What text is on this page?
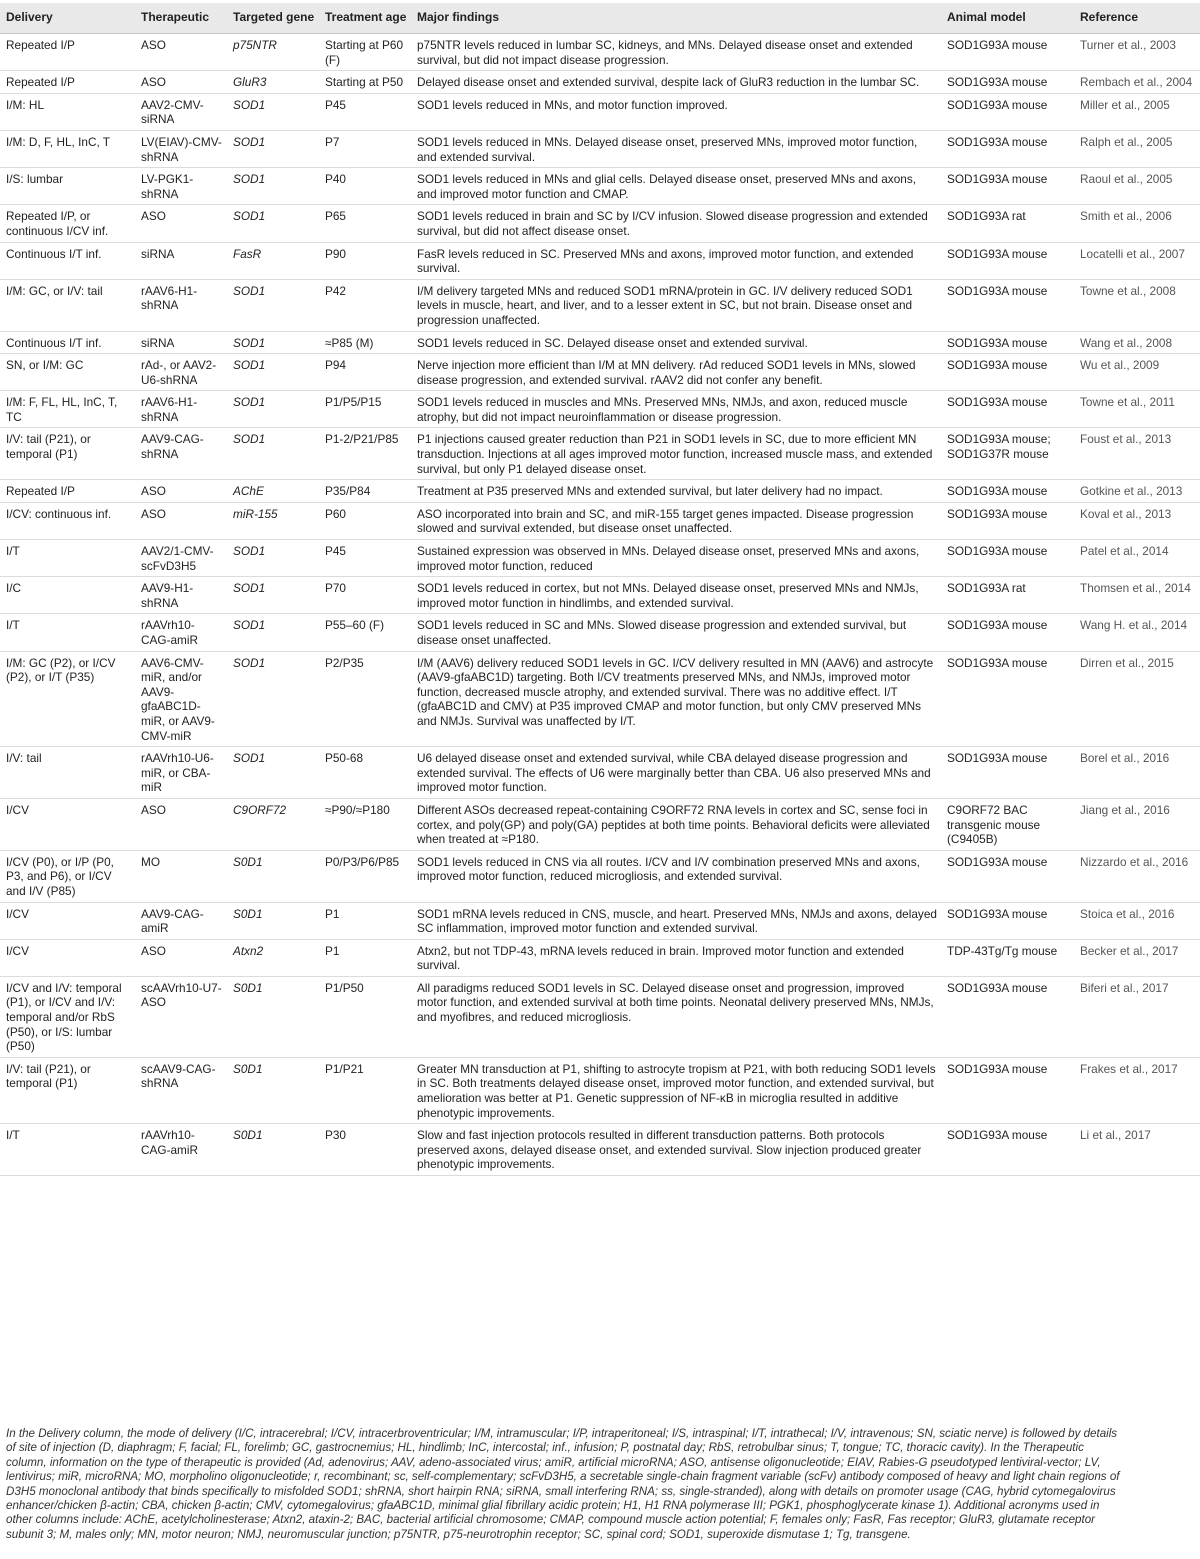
Delivery	Therapeutic	Targeted gene	Treatment age	Major findings	Animal model	Reference
Repeated I/P	ASO	p75NTR	Starting at P60 (F)	p75NTR levels reduced in lumbar SC, kidneys, and MNs. Delayed disease onset and extended survival, but did not impact disease progression.	SOD1G93A mouse	Turner et al., 2003
Repeated I/P	ASO	GluR3	Starting at P50	Delayed disease onset and extended survival, despite lack of GluR3 reduction in the lumbar SC.	SOD1G93A mouse	Rembach et al., 2004
I/M: HL	AAV2-CMV-siRNA	SOD1	P45	SOD1 levels reduced in MNs, and motor function improved.	SOD1G93A mouse	Miller et al., 2005
I/M: D, F, HL, InC, T	LV(EIAV)-CMV-shRNA	SOD1	P7	SOD1 levels reduced in MNs. Delayed disease onset, preserved MNs, improved motor function, and extended survival.	SOD1G93A mouse	Ralph et al., 2005
I/S: lumbar	LV-PGK1-shRNA	SOD1	P40	SOD1 levels reduced in MNs and glial cells. Delayed disease onset, preserved MNs and axons, and improved motor function and CMAP.	SOD1G93A mouse	Raoul et al., 2005
Repeated I/P, or continuous I/CV inf.	ASO	SOD1	P65	SOD1 levels reduced in brain and SC by I/CV infusion. Slowed disease progression and extended survival, but did not affect disease onset.	SOD1G93A rat	Smith et al., 2006
Continuous I/T inf.	siRNA	FasR	P90	FasR levels reduced in SC. Preserved MNs and axons, improved motor function, and extended survival.	SOD1G93A mouse	Locatelli et al., 2007
I/M: GC, or I/V: tail	rAAV6-H1-shRNA	SOD1	P42	I/M delivery targeted MNs and reduced SOD1 mRNA/protein in GC. I/V delivery reduced SOD1 levels in muscle, heart, and liver, and to a lesser extent in SC, but not brain. Disease onset and progression unaffected.	SOD1G93A mouse	Towne et al., 2008
Continuous I/T inf.	siRNA	SOD1	≈P85 (M)	SOD1 levels reduced in SC. Delayed disease onset and extended survival.	SOD1G93A mouse	Wang et al., 2008
SN, or I/M: GC	rAd-, or AAV2-U6-shRNA	SOD1	P94	Nerve injection more efficient than I/M at MN delivery. rAd reduced SOD1 levels in MNs, slowed disease progression, and extended survival. rAAV2 did not confer any benefit.	SOD1G93A mouse	Wu et al., 2009
I/M: F, FL, HL, InC, T, TC	rAAV6-H1-shRNA	SOD1	P1/P5/P15	SOD1 levels reduced in muscles and MNs. Preserved MNs, NMJs, and axon, reduced muscle atrophy, but did not impact neuroinflammation or disease progression.	SOD1G93A mouse	Towne et al., 2011
I/V: tail (P21), or temporal (P1)	AAV9-CAG-shRNA	SOD1	P1-2/P21/P85	P1 injections caused greater reduction than P21 in SOD1 levels in SC, due to more efficient MN transduction. Injections at all ages improved motor function, increased muscle mass, and extended survival, but only P1 delayed disease onset.	SOD1G93A mouse; SOD1G37R mouse	Foust et al., 2013
Repeated I/P	ASO	AChE	P35/P84	Treatment at P35 preserved MNs and extended survival, but later delivery had no impact.	SOD1G93A mouse	Gotkine et al., 2013
I/CV: continuous inf.	ASO	miR-155	P60	ASO incorporated into brain and SC, and miR-155 target genes impacted. Disease progression slowed and survival extended, but disease onset unaffected.	SOD1G93A mouse	Koval et al., 2013
I/T	AAV2/1-CMV-scFvD3H5	SOD1	P45	Sustained expression was observed in MNs. Delayed disease onset, preserved MNs and axons, improved motor function, reduced	SOD1G93A mouse	Patel et al., 2014
I/C	AAV9-H1-shRNA	SOD1	P70	SOD1 levels reduced in cortex, but not MNs. Delayed disease onset, preserved MNs and NMJs, improved motor function in hindlimbs, and extended survival.	SOD1G93A rat	Thomsen et al., 2014
I/T	rAAVrh10-CAG-amiR	SOD1	P55–60 (F)	SOD1 levels reduced in SC and MNs. Slowed disease progression and extended survival, but disease onset unaffected.	SOD1G93A mouse	Wang H. et al., 2014
I/M: GC (P2), or I/CV (P2), or I/T (P35)	AAV6-CMV-miR, and/or AAV9-gfaABC1D-miR, or AAV9-CMV-miR	SOD1	P2/P35	I/M (AAV6) delivery reduced SOD1 levels in GC. I/CV delivery resulted in MN (AAV6) and astrocyte (AAV9-gfaABC1D) targeting. Both I/CV treatments preserved MNs, and NMJs, improved motor function, decreased muscle atrophy, and extended survival. There was no additive effect. I/T (gfaABC1D and CMV) at P35 improved CMAP and motor function, but only CMV preserved MNs and NMJs. Survival was unaffected by I/T.	SOD1G93A mouse	Dirren et al., 2015
I/V: tail	rAAVrh10-U6-miR, or CBA-miR	SOD1	P50-68	U6 delayed disease onset and extended survival, while CBA delayed disease progression and extended survival. The effects of U6 were marginally better than CBA. U6 also preserved MNs and improved motor function.	SOD1G93A mouse	Borel et al., 2016
I/CV	ASO	C9ORF72	≈P90/≈P180	Different ASOs decreased repeat-containing C9ORF72 RNA levels in cortex and SC, sense foci in cortex, and poly(GP) and poly(GA) peptides at both time points. Behavioral deficits were alleviated when treated at ≈P180.	C9ORF72 BAC transgenic mouse (C9405B)	Jiang et al., 2016
I/CV (P0), or I/P (P0, P3, and P6), or I/CV and I/V (P85)	MO	S0D1	P0/P3/P6/P85	SOD1 levels reduced in CNS via all routes. I/CV and I/V combination preserved MNs and axons, improved motor function, reduced microgliosis, and extended survival.	SOD1G93A mouse	Nizzardo et al., 2016
I/CV	AAV9-CAG-amiR	S0D1	P1	SOD1 mRNA levels reduced in CNS, muscle, and heart. Preserved MNs, NMJs and axons, delayed SC inflammation, improved motor function and extended survival.	SOD1G93A mouse	Stoica et al., 2016
I/CV	ASO	Atxn2	P1	Atxn2, but not TDP-43, mRNA levels reduced in brain. Improved motor function and extended survival.	TDP-43Tg/Tg mouse	Becker et al., 2017
I/CV and I/V: temporal (P1), or I/CV and I/V: temporal and/or RbS (P50), or I/S: lumbar (P50)	scAAVrh10-U7-ASO	S0D1	P1/P50	All paradigms reduced SOD1 levels in SC. Delayed disease onset and progression, improved motor function, and extended survival at both time points. Neonatal delivery preserved MNs, NMJs, and myofibres, and reduced microgliosis.	SOD1G93A mouse	Biferi et al., 2017
I/V: tail (P21), or temporal (P1)	scAAV9-CAG-shRNA	S0D1	P1/P21	Greater MN transduction at P1, shifting to astrocyte tropism at P21, with both reducing SOD1 levels in SC. Both treatments delayed disease onset, improved motor function, and extended survival, but amelioration was better at P1. Genetic suppression of NF-κB in microglia resulted in additive phenotypic improvements.	SOD1G93A mouse	Frakes et al., 2017
I/T	rAAVrh10-CAG-amiR	S0D1	P30	Slow and fast injection protocols resulted in different transduction patterns. Both protocols preserved axons, delayed disease onset, and extended survival. Slow injection produced greater phenotypic improvements.	SOD1G93A mouse	Li et al., 2017
In the Delivery column, the mode of delivery (I/C, intracerebral; I/CV, intracerbroventricular; I/M, intramuscular; I/P, intraperitoneal; I/S, intraspinal; I/T, intrathecal; I/V, intravenous; SN, sciatic nerve) is followed by details
of site of injection (D, diaphragm; F, facial; FL, forelimb; GC, gastrocnemius; HL, hindlimb; InC, intercostal; inf., infusion; P, postnatal day; RbS, retrobulbar sinus; T, tongue; TC, thoracic cavity). In the Therapeutic
column, information on the type of therapeutic is provided (Ad, adenovirus; AAV, adeno-associated virus; amiR, artificial microRNA; ASO, antisense oligonucleotide; EIAV, Rabies-G pseudotyped lentiviral-vector; LV,
lentivirus; miR, microRNA; MO, morpholino oligonucleotide; r, recombinant; sc, self-complementary; scFvD3H5, a secretable single-chain fragment variable (scFv) antibody composed of heavy and light chain regions of
D3H5 monoclonal antibody that binds specifically to misfolded SOD1; shRNA, short hairpin RNA; siRNA, small interfering RNA; ss, single-stranded), along with details on promoter usage (CAG, hybrid cytomegalovirus
enhancer/chicken β-actin; CBA, chicken β-actin; CMV, cytomegalovirus; gfaABC1D, minimal glial fibrillary acidic protein; H1, H1 RNA polymerase III; PGK1, phosphoglycerate kinase 1). Additional acronyms used in
other columns include: AChE, acetylcholinesterase; Atxn2, ataxin-2; BAC, bacterial artificial chromosome; CMAP, compound muscle action potential; F, females only; FasR, Fas receptor; GluR3, glutamate receptor
subunit 3; M, males only; MN, motor neuron; NMJ, neuromuscular junction; p75NTR, p75-neurotrophin receptor; SC, spinal cord; SOD1, superoxide dismutase 1; Tg, transgene.
